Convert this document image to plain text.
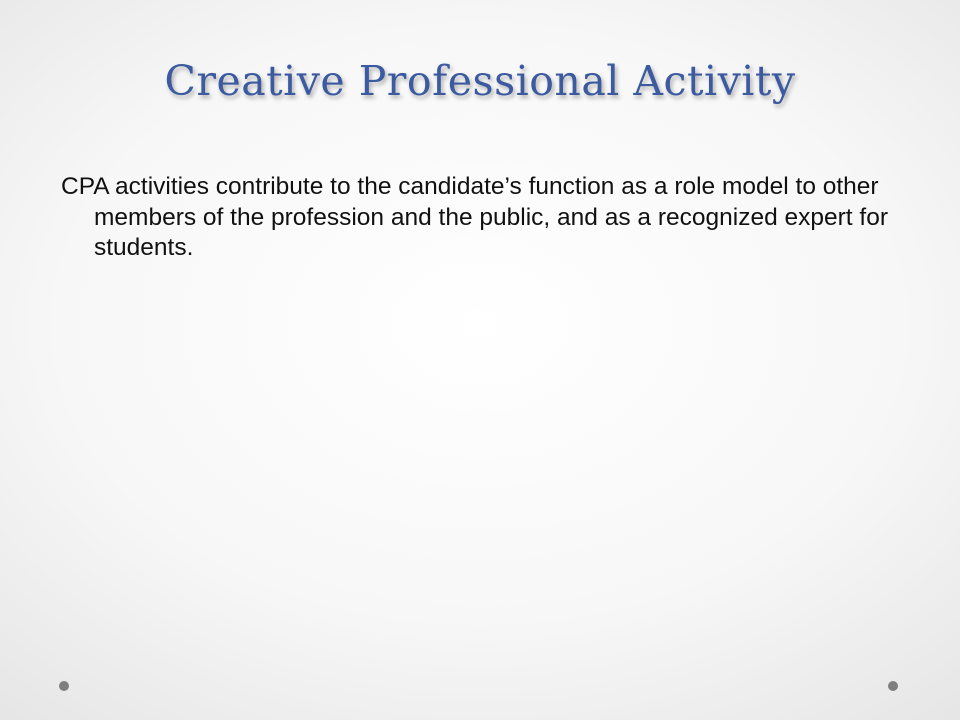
Creative Professional Activity

CPA activities contribute to the candidate’s function as a role model to other members of the profession and the public, and as a recognized expert for students.
